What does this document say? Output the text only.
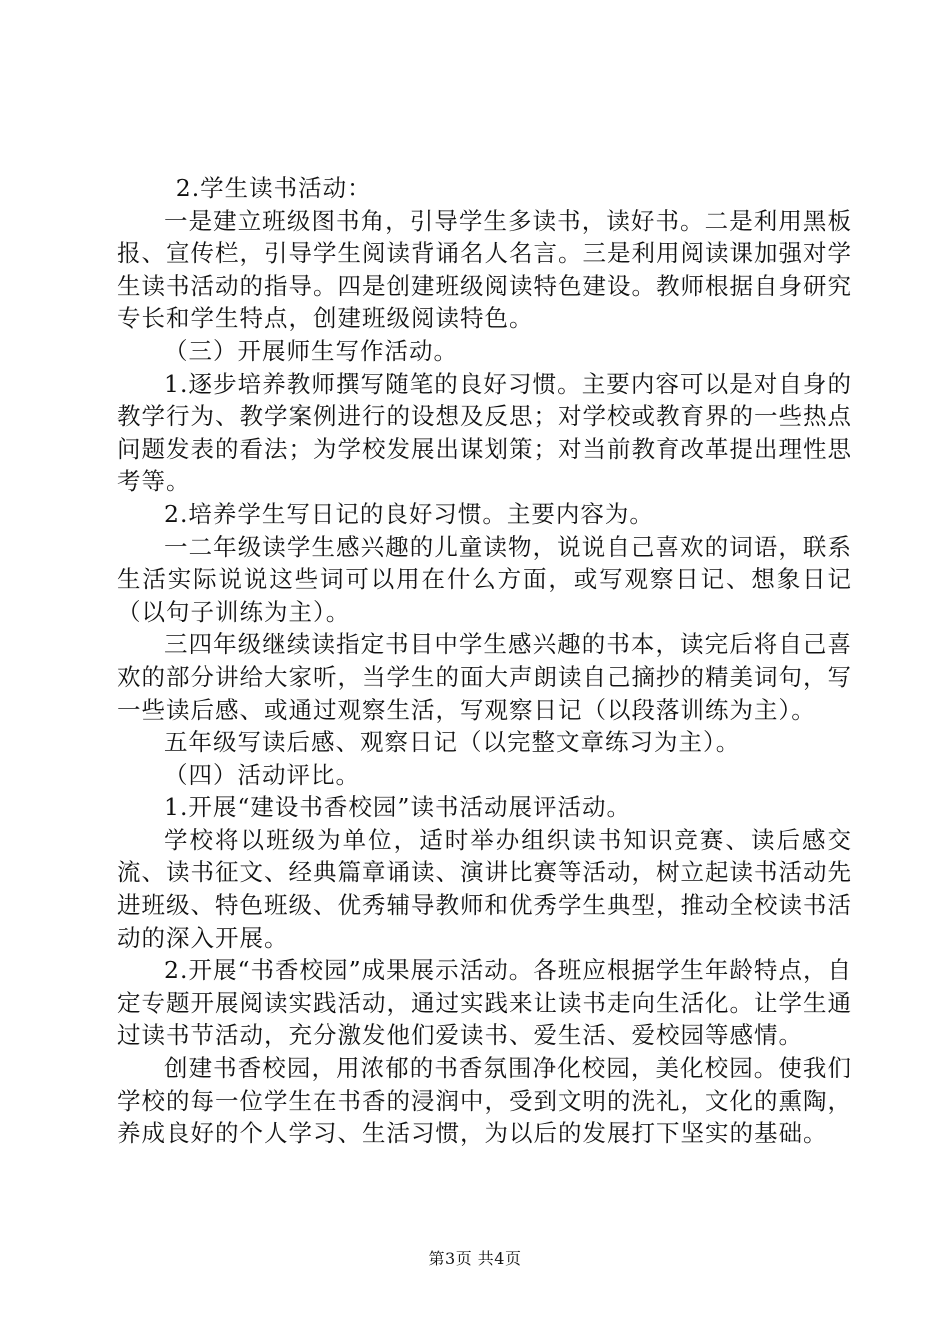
2.学生读书活动：

一是建立班级图书角，引导学生多读书，读好书。二是利用黑板报、宣传栏，引导学生阅读背诵名人名言。三是利用阅读课加强对学生读书活动的指导。四是创建班级阅读特色建设。教师根据自身研究专长和学生特点，创建班级阅读特色。

（三）开展师生写作活动。

1.逐步培养教师撰写随笔的良好习惯。主要内容可以是对自身的教学行为、教学案例进行的设想及反思；对学校或教育界的一些热点问题发表的看法；为学校发展出谋划策；对当前教育改革提出理性思考等。

2.培养学生写日记的良好习惯。主要内容为。

一二年级读学生感兴趣的儿童读物，说说自己喜欢的词语，联系生活实际说说这些词可以用在什么方面，或写观察日记、想象日记（以句子训练为主）。

三四年级继续读指定书目中学生感兴趣的书本，读完后将自己喜欢的部分讲给大家听，当学生的面大声朗读自己摘抄的精美词句，写一些读后感、或通过观察生活，写观察日记（以段落训练为主）。

五年级写读后感、观察日记（以完整文章练习为主）。

（四）活动评比。

1.开展“建设书香校园”读书活动展评活动。

学校将以班级为单位，适时举办组织读书知识竞赛、读后感交流、读书征文、经典篇章诵读、演讲比赛等活动，树立起读书活动先进班级、特色班级、优秀辅导教师和优秀学生典型，推动全校读书活动的深入开展。

2.开展“书香校园”成果展示活动。各班应根据学生年龄特点，自定专题开展阅读实践活动，通过实践来让读书走向生活化。让学生通过读书节活动，充分激发他们爱读书、爱生活、爱校园等感情。

创建书香校园，用浓郁的书香氛围净化校园，美化校园。使我们学校的每一位学生在书香的浸润中，受到文明的洗礼，文化的熏陶，养成良好的个人学习、生活习惯，为以后的发展打下坚实的基础。

第3页 共4页
